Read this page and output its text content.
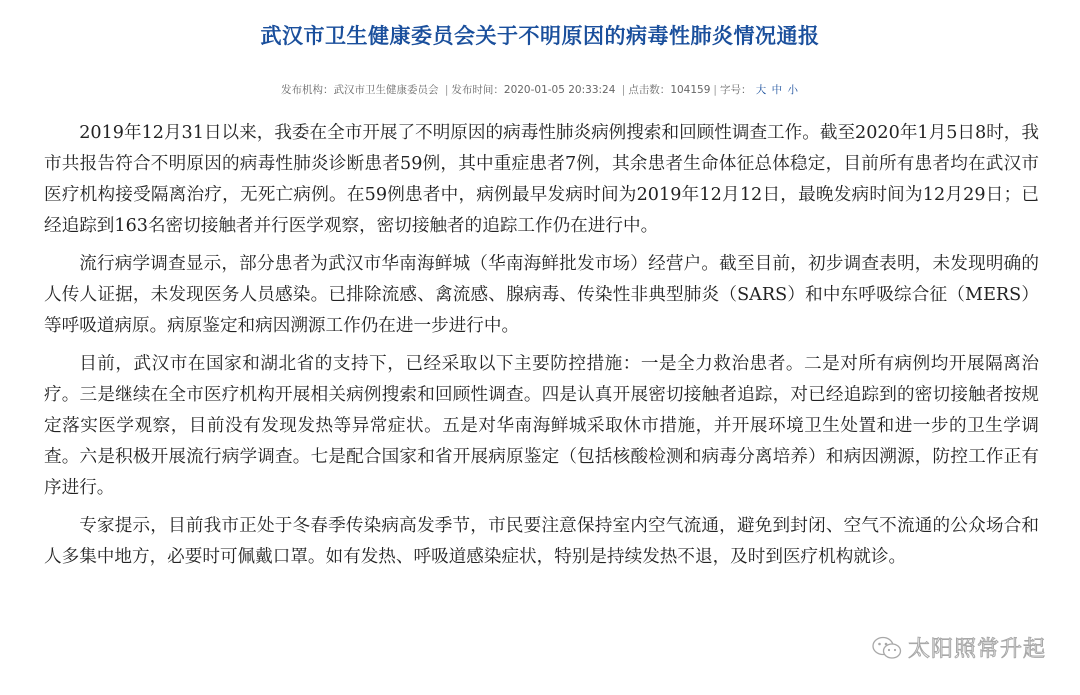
武汉市卫生健康委员会关于不明原因的病毒性肺炎情况通报
发布机构：武汉市卫生健康委员会 | 发布时间：2020-01-05 20:33:24 | 点击数：104159 | 字号： 大 中 小

2019年12月31日以来，我委在全市开展了不明原因的病毒性肺炎病例搜索和回顾性调查工作。截至2020年1月5日8时，我市共报告符合不明原因的病毒性肺炎诊断患者59例，其中重症患者7例，其余患者生命体征总体稳定，目前所有患者均在武汉市医疗机构接受隔离治疗，无死亡病例。在59例患者中，病例最早发病时间为2019年12月12日，最晚发病时间为12月29日；已经追踪到163名密切接触者并行医学观察，密切接触者的追踪工作仍在进行中。

流行病学调查显示，部分患者为武汉市华南海鲜城（华南海鲜批发市场）经营户。截至目前，初步调查表明，未发现明确的人传人证据，未发现医务人员感染。已排除流感、禽流感、腺病毒、传染性非典型肺炎（SARS）和中东呼吸综合征（MERS）等呼吸道病原。病原鉴定和病因溯源工作仍在进一步进行中。

目前，武汉市在国家和湖北省的支持下，已经采取以下主要防控措施：一是全力救治患者。二是对所有病例均开展隔离治疗。三是继续在全市医疗机构开展相关病例搜索和回顾性调查。四是认真开展密切接触者追踪，对已经追踪到的密切接触者按规定落实医学观察，目前没有发现发热等异常症状。五是对华南海鲜城采取休市措施，并开展环境卫生处置和进一步的卫生学调查。六是积极开展流行病学调查。七是配合国家和省开展病原鉴定（包括核酸检测和病毒分离培养）和病因溯源，防控工作正有序进行。

专家提示，目前我市正处于冬春季传染病高发季节，市民要注意保持室内空气流通，避免到封闭、空气不流通的公众场合和人多集中地方，必要时可佩戴口罩。如有发热、呼吸道感染症状，特别是持续发热不退，及时到医疗机构就诊。

太阳照常升起
